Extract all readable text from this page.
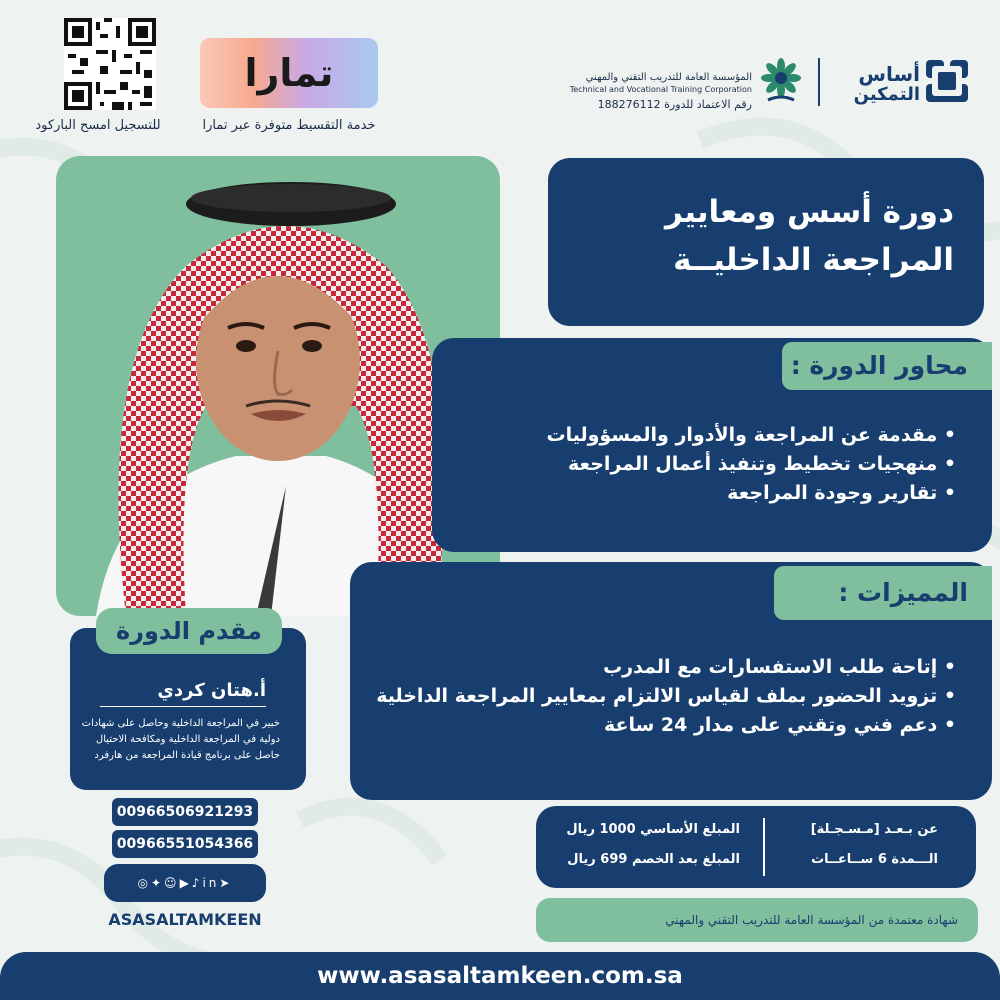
للتسجيل امسح الباركود
تمارا
خدمة التقسيط متوفرة عبر تمارا
المؤسسة العامة للتدريب التقني والمهني
Technical and Vocational Training Corporation
رقم الاعتماد للدورة 188276112
أساس
التمكين
دورة أسس ومعايير
المراجعة الداخليــة
محاور الدورة :
• مقدمة عن المراجعة والأدوار والمسؤوليات
• منهجيات تخطيط وتنفيذ أعمال المراجعة
• تقارير وجودة المراجعة
المميزات :
• إتاحة طلب الاستفسارات مع المدرب
• تزويد الحضور بملف لقياس الالتزام بمعايير المراجعة الداخلية
• دعم فني وتقني على مدار 24 ساعة
مقدم الدورة
أ.هتان كردي
خبير في المراجعة الداخلية وحاصل على شهادات
دولية في المراجعة الداخلية ومكافحة الاحتيال
حاصل على برنامج قيادة المراجعة من هارفرد
00966506921293
00966551054366
◎✦☺▶♪in➤
ASASALTAMKEEN
عن بـعـد [مـسـجـلة]
الـــمدة 6 ســاعــات
المبلغ الأساسي 1000 ريال
المبلغ بعد الخصم 699 ريال
شهادة معتمدة من المؤسسة العامة للتدريب التقني والمهني
www.asasaltamkeen.com.sa
